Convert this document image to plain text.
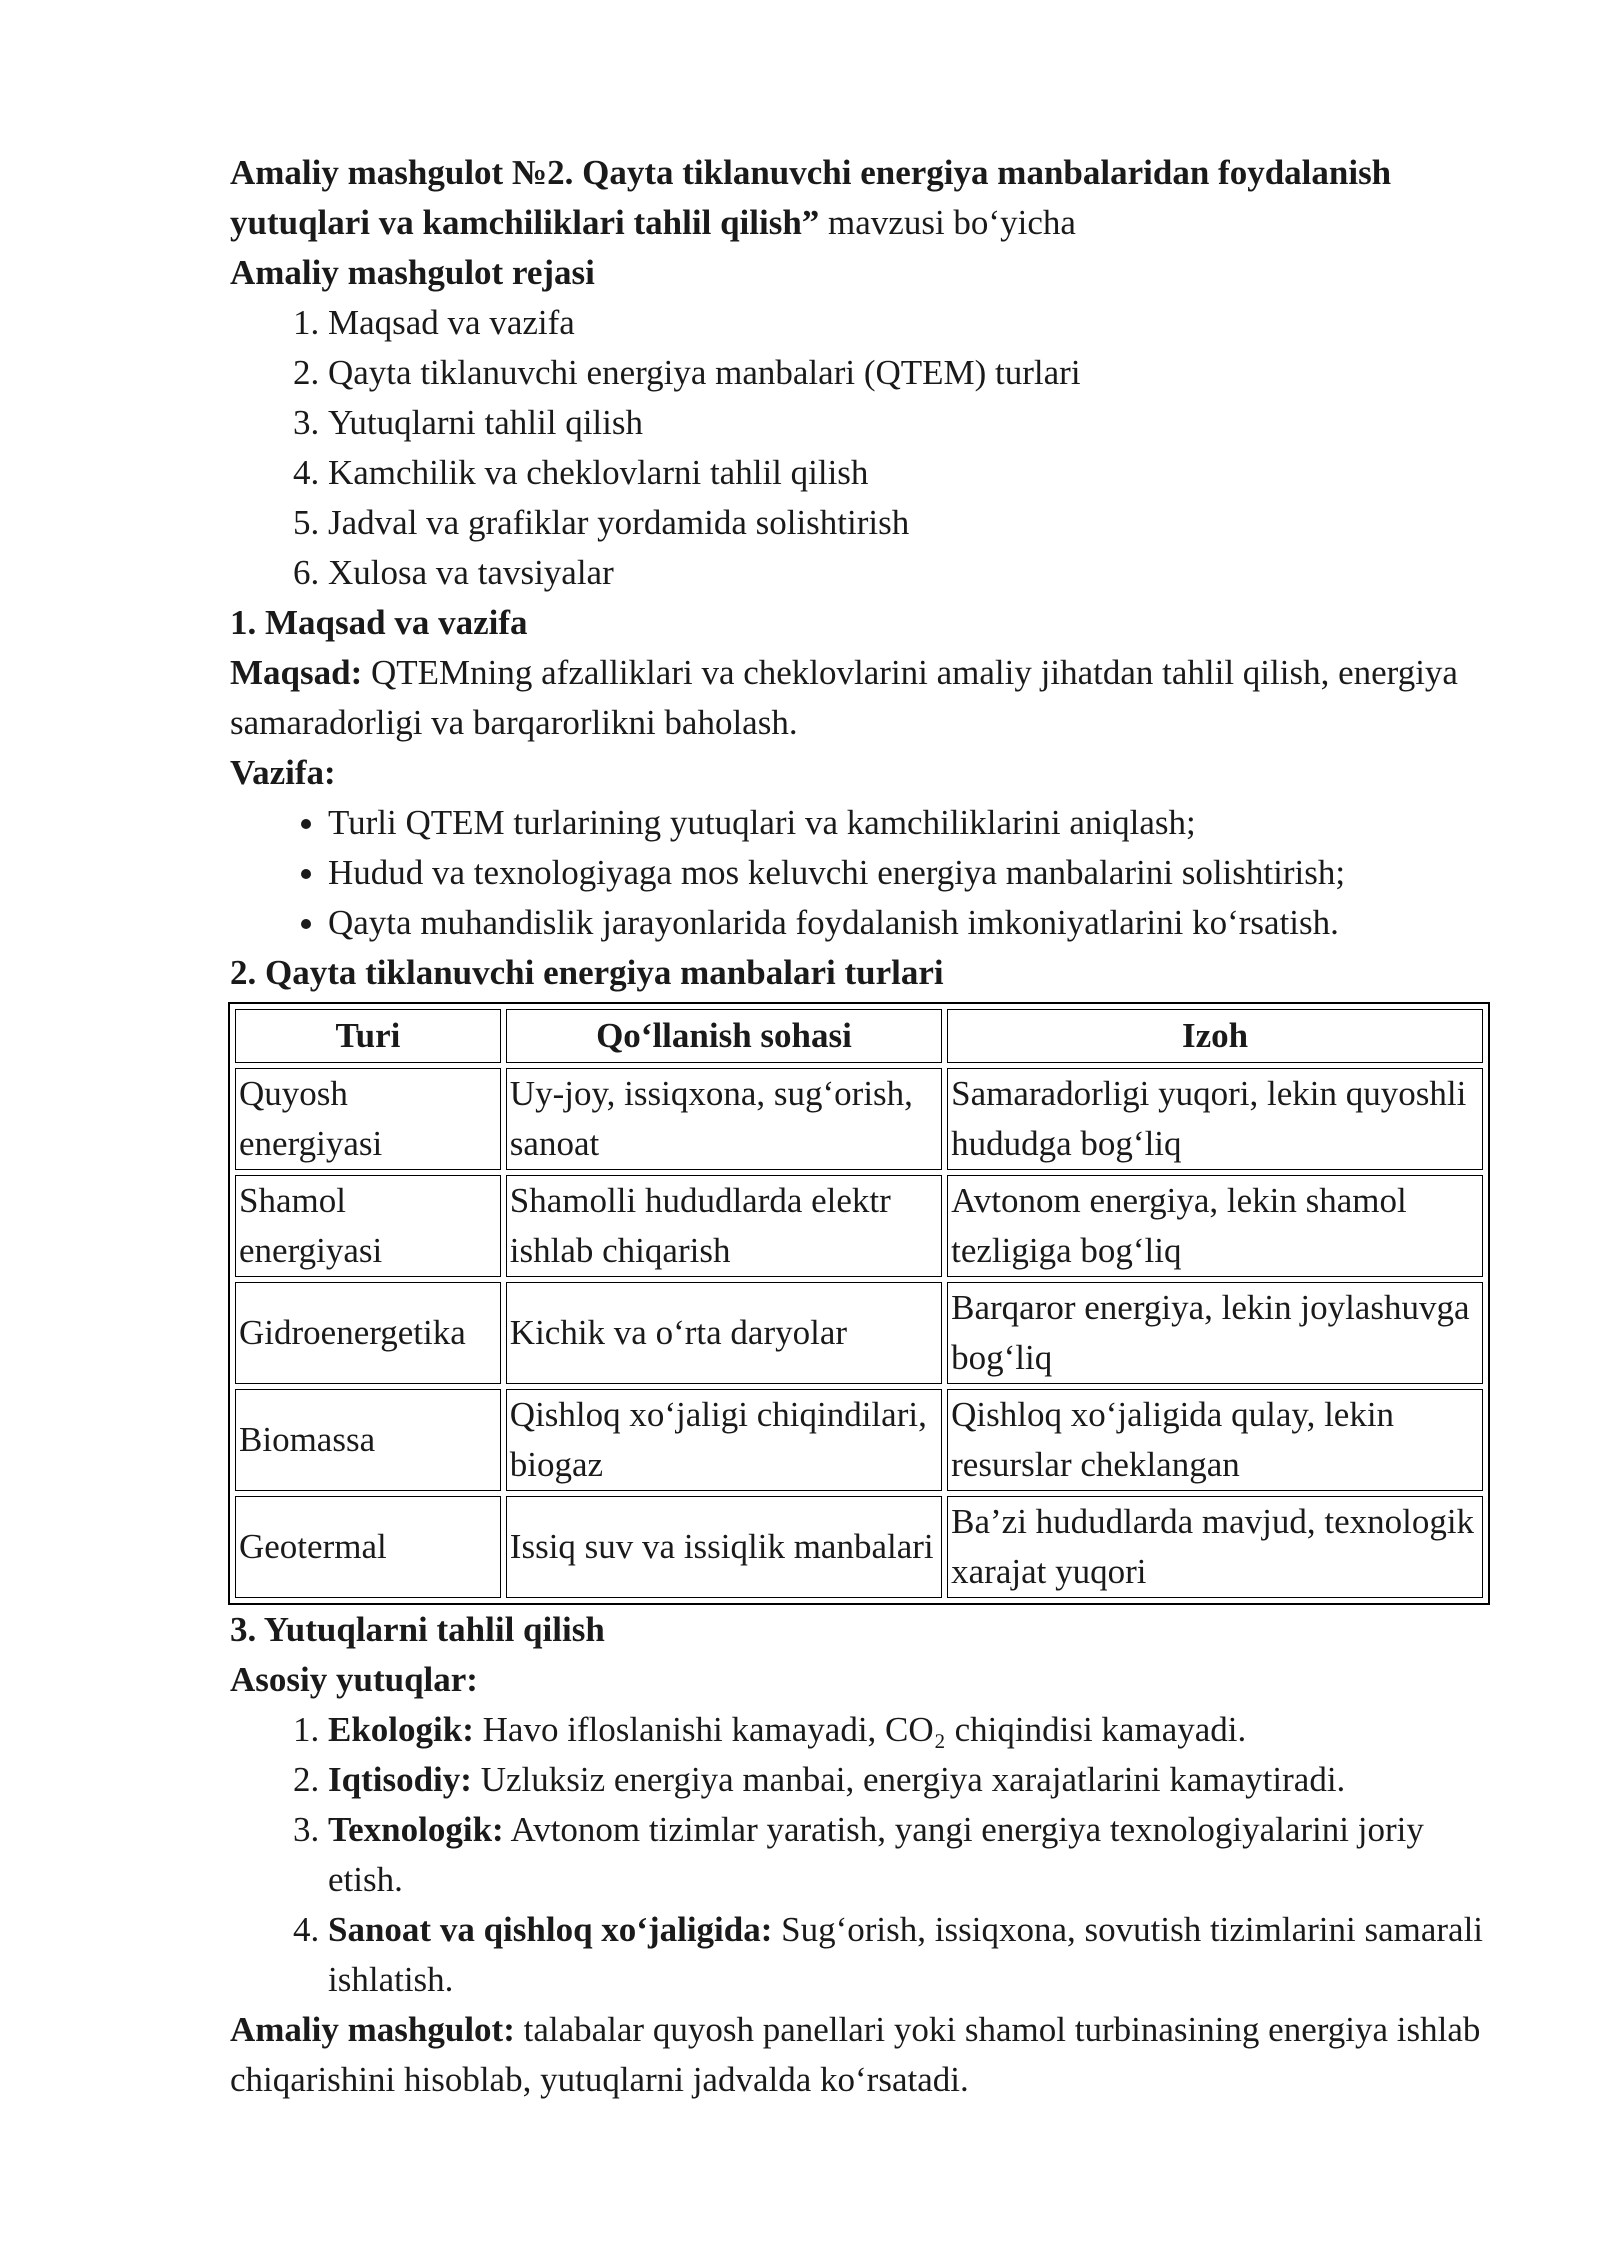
Amaliy mashgulot №2. Qayta tiklanuvchi energiya manbalaridan foydalanish yutuqlari va kamchiliklari tahlil qilish” mavzusi bo‘yicha

Amaliy mashgulot rejasi

1. Maqsad va vazifa
2. Qayta tiklanuvchi energiya manbalari (QTEM) turlari
3. Yutuqlarni tahlil qilish
4. Kamchilik va cheklovlarni tahlil qilish
5. Jadval va grafiklar yordamida solishtirish
6. Xulosa va tavsiyalar

1. Maqsad va vazifa

Maqsad: QTEMning afzalliklari va cheklovlarini amaliy jihatdan tahlil qilish, energiya samaradorligi va barqarorlikni baholash.

Vazifa:

• Turli QTEM turlarining yutuqlari va kamchiliklarini aniqlash;
• Hudud va texnologiyaga mos keluvchi energiya manbalarini solishtirish;
• Qayta muhandislik jarayonlarida foydalanish imkoniyatlarini ko‘rsatish.

2. Qayta tiklanuvchi energiya manbalari turlari

Turi	Qo‘llanish sohasi	Izoh
Quyosh energiyasi	Uy-joy, issiqxona, sug‘orish, sanoat	Samaradorligi yuqori, lekin quyoshli hududga bog‘liq
Shamol energiyasi	Shamolli hududlarda elektr ishlab chiqarish	Avtonom energiya, lekin shamol tezligiga bog‘liq
Gidroenergetika	Kichik va o‘rta daryolar	Barqaror energiya, lekin joylashuvga bog‘liq
Biomassa	Qishloq xo‘jaligi chiqindilari, biogaz	Qishloq xo‘jaligida qulay, lekin resurslar cheklangan
Geotermal	Issiq suv va issiqlik manbalari	Ba’zi hududlarda mavjud, texnologik xarajat yuqori

3. Yutuqlarni tahlil qilish

Asosiy yutuqlar:

1. Ekologik: Havo ifloslanishi kamayadi, CO₂ chiqindisi kamayadi.
2. Iqtisodiy: Uzluksiz energiya manbai, energiya xarajatlarini kamaytiradi.
3. Texnologik: Avtonom tizimlar yaratish, yangi energiya texnologiyalarini joriy etish.
4. Sanoat va qishloq xo‘jaligida: Sug‘orish, issiqxona, sovutish tizimlarini samarali ishlatish.

Amaliy mashgulot: talabalar quyosh panellari yoki shamol turbinasining energiya ishlab chiqarishini hisoblab, yutuqlarni jadvalda ko‘rsatadi.
